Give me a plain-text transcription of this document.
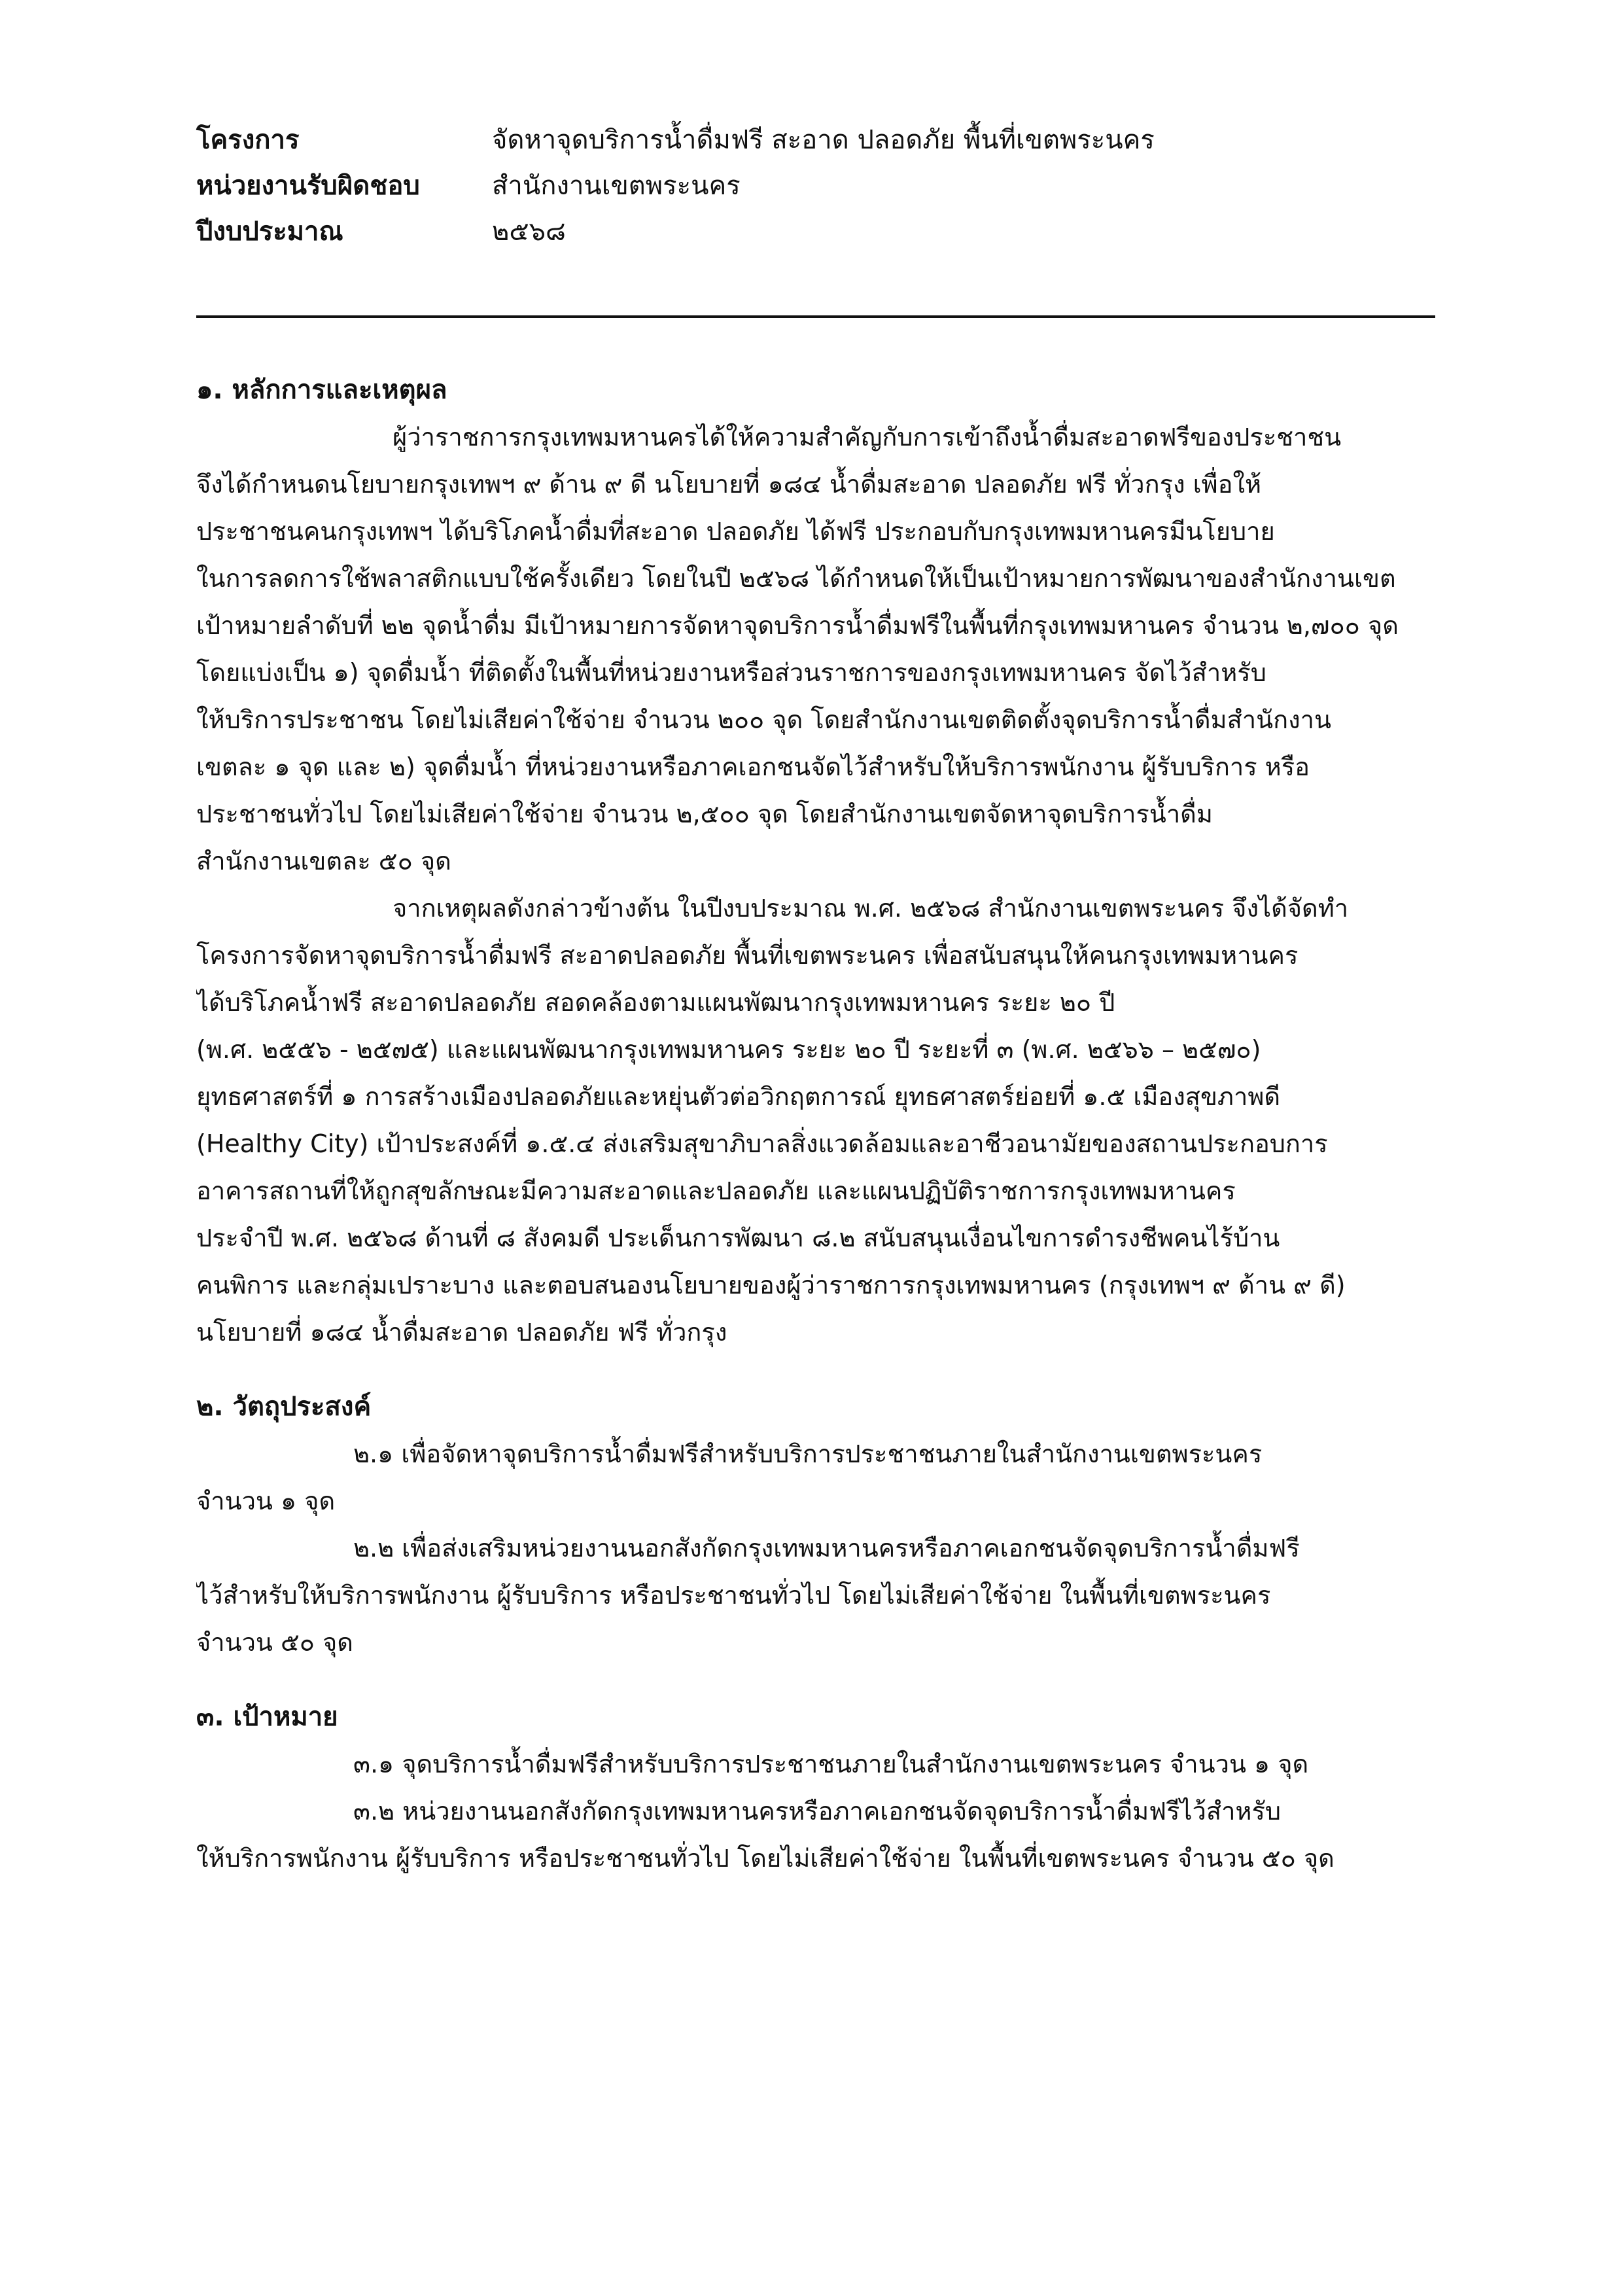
โครงการ	จัดหาจุดบริการน้ำดื่มฟรี สะอาด ปลอดภัย พื้นที่เขตพระนคร
หน่วยงานรับผิดชอบ	สำนักงานเขตพระนคร
ปีงบประมาณ	๒๕๖๘
๑. หลักการและเหตุผล
ผู้ว่าราชการกรุงเทพมหานครได้ให้ความสำคัญกับการเข้าถึงน้ำดื่มสะอาดฟรีของประชาชน
จึงได้กำหนดนโยบายกรุงเทพฯ ๙ ด้าน ๙ ดี นโยบายที่ ๑๘๔ น้ำดื่มสะอาด ปลอดภัย ฟรี ทั่วกรุง เพื่อให้
ประชาชนคนกรุงเทพฯ ได้บริโภคน้ำดื่มที่สะอาด ปลอดภัย ได้ฟรี ประกอบกับกรุงเทพมหานครมีนโยบาย
ในการลดการใช้พลาสติกแบบใช้ครั้งเดียว โดยในปี ๒๕๖๘ ได้กำหนดให้เป็นเป้าหมายการพัฒนาของสำนักงานเขต
เป้าหมายลำดับที่ ๒๒ จุดน้ำดื่ม มีเป้าหมายการจัดหาจุดบริการน้ำดื่มฟรีในพื้นที่กรุงเทพมหานคร จำนวน ๒,๗๐๐ จุด
โดยแบ่งเป็น ๑) จุดดื่มน้ำ ที่ติดตั้งในพื้นที่หน่วยงานหรือส่วนราชการของกรุงเทพมหานคร จัดไว้สำหรับ
ให้บริการประชาชน โดยไม่เสียค่าใช้จ่าย จำนวน ๒๐๐ จุด โดยสำนักงานเขตติดตั้งจุดบริการน้ำดื่มสำนักงาน
เขตละ ๑ จุด และ ๒) จุดดื่มน้ำ ที่หน่วยงานหรือภาคเอกชนจัดไว้สำหรับให้บริการพนักงาน ผู้รับบริการ หรือ
ประชาชนทั่วไป โดยไม่เสียค่าใช้จ่าย จำนวน ๒,๕๐๐ จุด โดยสำนักงานเขตจัดหาจุดบริการน้ำดื่ม
สำนักงานเขตละ ๕๐ จุด
จากเหตุผลดังกล่าวข้างต้น ในปีงบประมาณ พ.ศ. ๒๕๖๘ สำนักงานเขตพระนคร จึงได้จัดทำ
โครงการจัดหาจุดบริการน้ำดื่มฟรี สะอาดปลอดภัย พื้นที่เขตพระนคร เพื่อสนับสนุนให้คนกรุงเทพมหานคร
ได้บริโภคน้ำฟรี สะอาดปลอดภัย สอดคล้องตามแผนพัฒนากรุงเทพมหานคร ระยะ ๒๐ ปี
(พ.ศ. ๒๕๕๖ - ๒๕๗๕) และแผนพัฒนากรุงเทพมหานคร ระยะ ๒๐ ปี ระยะที่ ๓ (พ.ศ. ๒๕๖๖ – ๒๕๗๐)
ยุทธศาสตร์ที่ ๑ การสร้างเมืองปลอดภัยและหยุ่นตัวต่อวิกฤตการณ์ ยุทธศาสตร์ย่อยที่ ๑.๕ เมืองสุขภาพดี
(Healthy City) เป้าประสงค์ที่ ๑.๕.๔ ส่งเสริมสุขาภิบาลสิ่งแวดล้อมและอาชีวอนามัยของสถานประกอบการ
อาคารสถานที่ให้ถูกสุขลักษณะมีความสะอาดและปลอดภัย และแผนปฏิบัติราชการกรุงเทพมหานคร
ประจำปี พ.ศ. ๒๕๖๘ ด้านที่ ๘ สังคมดี ประเด็นการพัฒนา ๘.๒ สนับสนุนเงื่อนไขการดำรงชีพคนไร้บ้าน
คนพิการ และกลุ่มเปราะบาง และตอบสนองนโยบายของผู้ว่าราชการกรุงเทพมหานคร (กรุงเทพฯ ๙ ด้าน ๙ ดี)
นโยบายที่ ๑๘๔ น้ำดื่มสะอาด ปลอดภัย ฟรี ทั่วกรุง
๒. วัตถุประสงค์
๒.๑ เพื่อจัดหาจุดบริการน้ำดื่มฟรีสำหรับบริการประชาชนภายในสำนักงานเขตพระนคร
จำนวน ๑ จุด
๒.๒ เพื่อส่งเสริมหน่วยงานนอกสังกัดกรุงเทพมหานครหรือภาคเอกชนจัดจุดบริการน้ำดื่มฟรี
ไว้สำหรับให้บริการพนักงาน ผู้รับบริการ หรือประชาชนทั่วไป โดยไม่เสียค่าใช้จ่าย ในพื้นที่เขตพระนคร
จำนวน ๕๐ จุด
๓. เป้าหมาย
๓.๑ จุดบริการน้ำดื่มฟรีสำหรับบริการประชาชนภายในสำนักงานเขตพระนคร จำนวน ๑ จุด
๓.๒ หน่วยงานนอกสังกัดกรุงเทพมหานครหรือภาคเอกชนจัดจุดบริการน้ำดื่มฟรีไว้สำหรับ
ให้บริการพนักงาน ผู้รับบริการ หรือประชาชนทั่วไป โดยไม่เสียค่าใช้จ่าย ในพื้นที่เขตพระนคร จำนวน ๕๐ จุด
